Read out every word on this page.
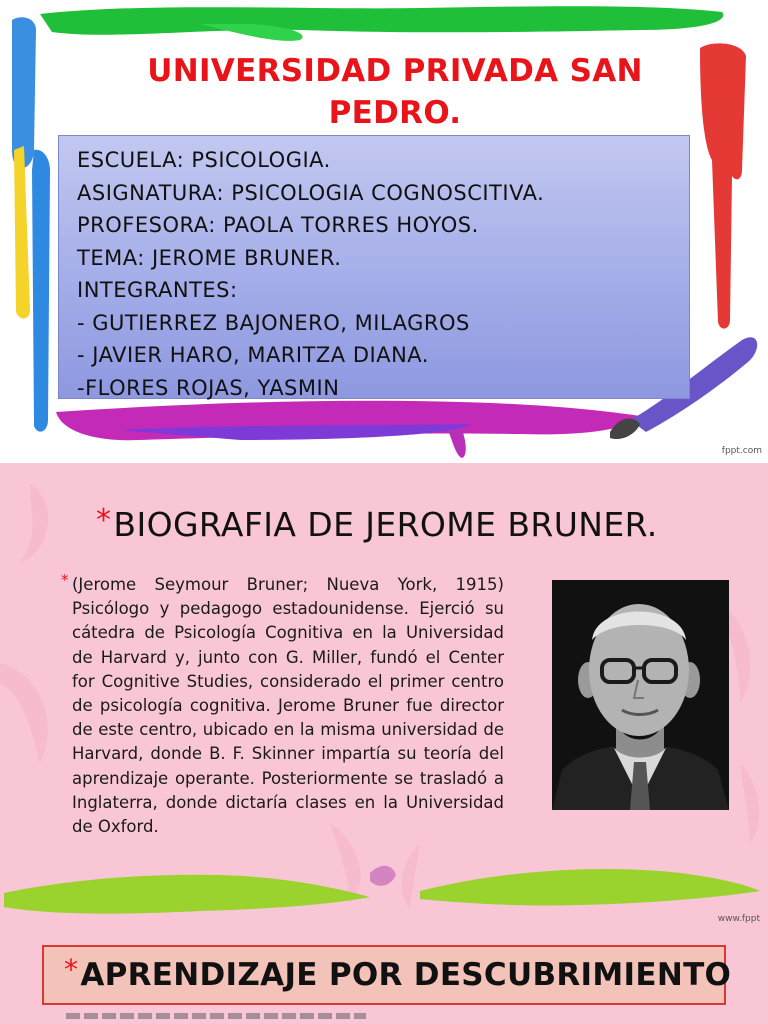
UNIVERSIDAD PRIVADA SAN PEDRO.
ESCUELA: PSICOLOGIA.
ASIGNATURA: PSICOLOGIA COGNOSCITIVA.
PROFESORA: PAOLA TORRES HOYOS.
TEMA: JEROME BRUNER.
INTEGRANTES:
- GUTIERREZ BAJONERO, MILAGROS
- JAVIER HARO, MARITZA DIANA.
-FLORES ROJAS, YASMIN
fppt.com
*BIOGRAFIA DE JEROME BRUNER.
* (Jerome Seymour Bruner; Nueva York, 1915) Psicólogo y pedagogo estadounidense. Ejerció su cátedra de Psicología Cognitiva en la Universidad de Harvard y, junto con G. Miller, fundó el Center for Cognitive Studies, considerado el primer centro de psicología cognitiva. Jerome Bruner fue director de este centro, ubicado en la misma universidad de Harvard, donde B. F. Skinner impartía su teoría del aprendizaje operante. Posteriormente se trasladó a Inglaterra, donde dictaría clases en la Universidad de Oxford.

www.fppt
*APRENDIZAJE POR DESCUBRIMIENTO
